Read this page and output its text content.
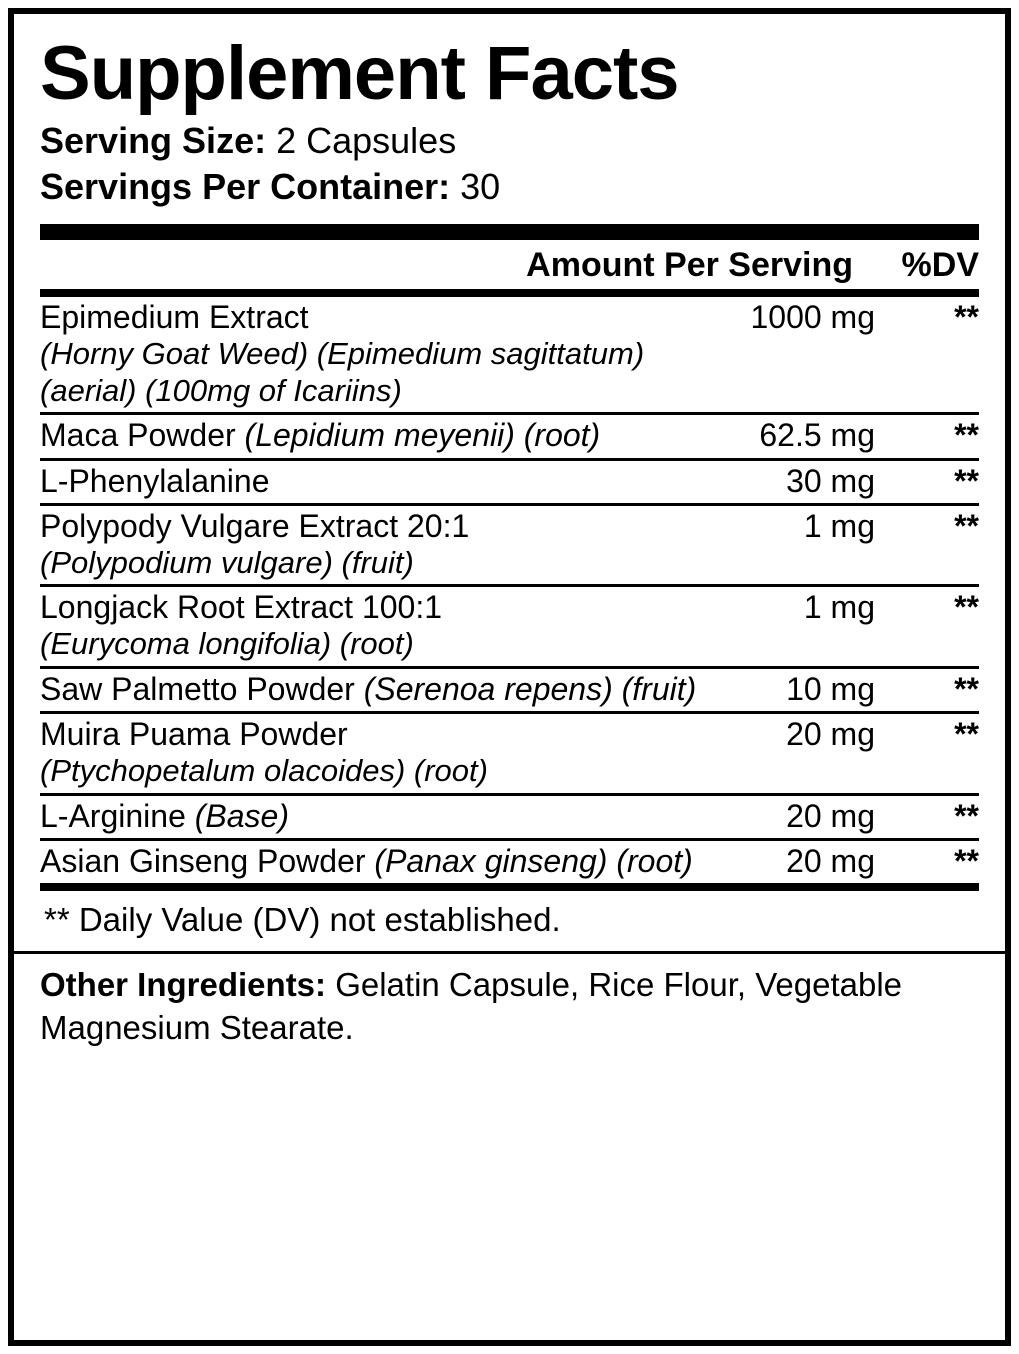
Supplement Facts
Serving Size: 2 Capsules
Servings Per Container: 30
Amount Per Serving	%DV
Epimedium Extract
(Horny Goat Weed) (Epimedium sagittatum) (aerial) (100mg of Icariins)	1000 mg	**
Maca Powder (Lepidium meyenii) (root)	62.5 mg	**
L-Phenylalanine	30 mg	**
Polypody Vulgare Extract 20:1
(Polypodium vulgare) (fruit)	1 mg	**
Longjack Root Extract 100:1
(Eurycoma longifolia) (root)	1 mg	**
Saw Palmetto Powder (Serenoa repens) (fruit)	10 mg	**
Muira Puama Powder
(Ptychopetalum olacoides) (root)	20 mg	**
L-Arginine (Base)	20 mg	**
Asian Ginseng Powder (Panax ginseng) (root)	20 mg	**
** Daily Value (DV) not established.
Other Ingredients: Gelatin Capsule, Rice Flour, Vegetable Magnesium Stearate.
